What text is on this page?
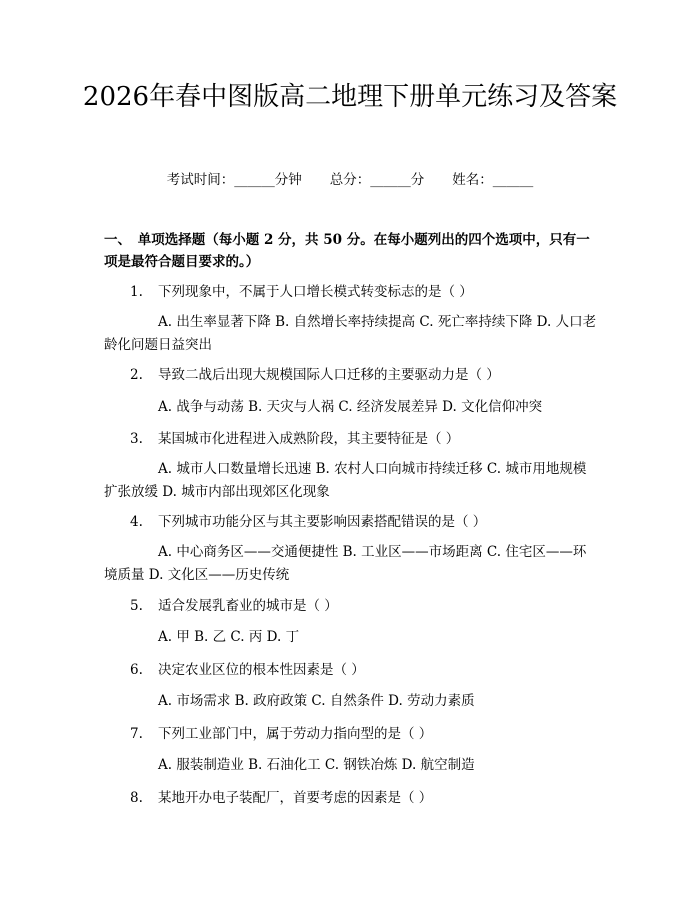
2026年春中图版高二地理下册单元练习及答案
考试时间：______分钟 总分：______分 姓名：______
一、　单项选择题（每小题 2 分，共 50 分。在每小题列出的四个选项中，只有一项是最符合题目要求的。）
1. 下列现象中，不属于人口增长模式转变标志的是（ ）
A. 出生率显著下降 B. 自然增长率持续提高 C. 死亡率持续下降 D. 人口老龄化问题日益突出
2. 导致二战后出现大规模国际人口迁移的主要驱动力是（ ）
A. 战争与动荡 B. 天灾与人祸 C. 经济发展差异 D. 文化信仰冲突
3. 某国城市化进程进入成熟阶段，其主要特征是（ ）
A. 城市人口数量增长迅速 B. 农村人口向城市持续迁移 C. 城市用地规模扩张放缓 D. 城市内部出现郊区化现象
4. 下列城市功能分区与其主要影响因素搭配错误的是（ ）
A. 中心商务区——交通便捷性 B. 工业区——市场距离 C. 住宅区——环境质量 D. 文化区——历史传统
5. 适合发展乳畜业的城市是（ ）
A. 甲 B. 乙 C. 丙 D. 丁
6. 决定农业区位的根本性因素是（ ）
A. 市场需求 B. 政府政策 C. 自然条件 D. 劳动力素质
7. 下列工业部门中，属于劳动力指向型的是（ ）
A. 服装制造业 B. 石油化工 C. 钢铁冶炼 D. 航空制造
8. 某地开办电子装配厂，首要考虑的因素是（ ）
